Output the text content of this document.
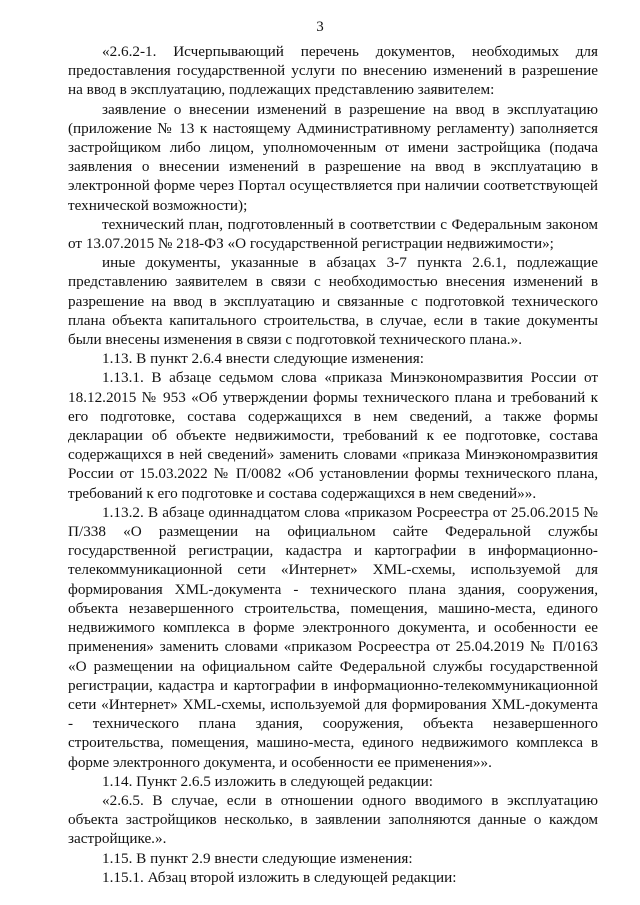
3

«2.6.2-1. Исчерпывающий перечень документов, необходимых для предоставления государственной услуги по внесению изменений в разрешение на ввод в эксплуатацию, подлежащих представлению заявителем:

заявление о внесении изменений в разрешение на ввод в эксплуатацию (приложение № 13 к настоящему Административному регламенту) заполняется застройщиком либо лицом, уполномоченным от имени застройщика (подача заявления о внесении изменений в разрешение на ввод в эксплуатацию в электронной форме через Портал осуществляется при наличии соответствующей технической возможности);

технический план, подготовленный в соответствии с Федеральным законом от 13.07.2015 № 218-ФЗ «О государственной регистрации недвижимости»;

иные документы, указанные в абзацах 3-7 пункта 2.6.1, подлежащие представлению заявителем в связи с необходимостью внесения изменений в разрешение на ввод в эксплуатацию и связанные с подготовкой технического плана объекта капитального строительства, в случае, если в такие документы были внесены изменения в связи с подготовкой технического плана.».

1.13. В пункт 2.6.4 внести следующие изменения:

1.13.1. В абзаце седьмом слова «приказа Минэкономразвития России от 18.12.2015 № 953 «Об утверждении формы технического плана и требований к его подготовке, состава содержащихся в нем сведений, а также формы декларации об объекте недвижимости, требований к ее подготовке, состава содержащихся в ней сведений» заменить словами «приказа Минэкономразвития России от 15.03.2022 № П/0082 «Об установлении формы технического плана, требований к его подготовке и состава содержащихся в нем сведений»».

1.13.2. В абзаце одиннадцатом слова «приказом Росреестра от 25.06.2015 № П/338 «О размещении на официальном сайте Федеральной службы государственной регистрации, кадастра и картографии в информационно-телекоммуникационной сети «Интернет» XML-схемы, используемой для формирования XML-документа - технического плана здания, сооружения, объекта незавершенного строительства, помещения, машино-места, единого недвижимого комплекса в форме электронного документа, и особенности ее применения» заменить словами «приказом Росреестра от 25.04.2019 № П/0163 «О размещении на официальном сайте Федеральной службы государственной регистрации, кадастра и картографии в информационно-телекоммуникационной сети «Интернет» XML-схемы, используемой для формирования XML-документа - технического плана здания, сооружения, объекта незавершенного строительства, помещения, машино-места, единого недвижимого комплекса в форме электронного документа, и особенности ее применения»».

1.14. Пункт 2.6.5 изложить в следующей редакции:

«2.6.5. В случае, если в отношении одного вводимого в эксплуатацию объекта застройщиков несколько, в заявлении заполняются данные о каждом застройщике.».

1.15. В пункт 2.9 внести следующие изменения:

1.15.1. Абзац второй изложить в следующей редакции:
